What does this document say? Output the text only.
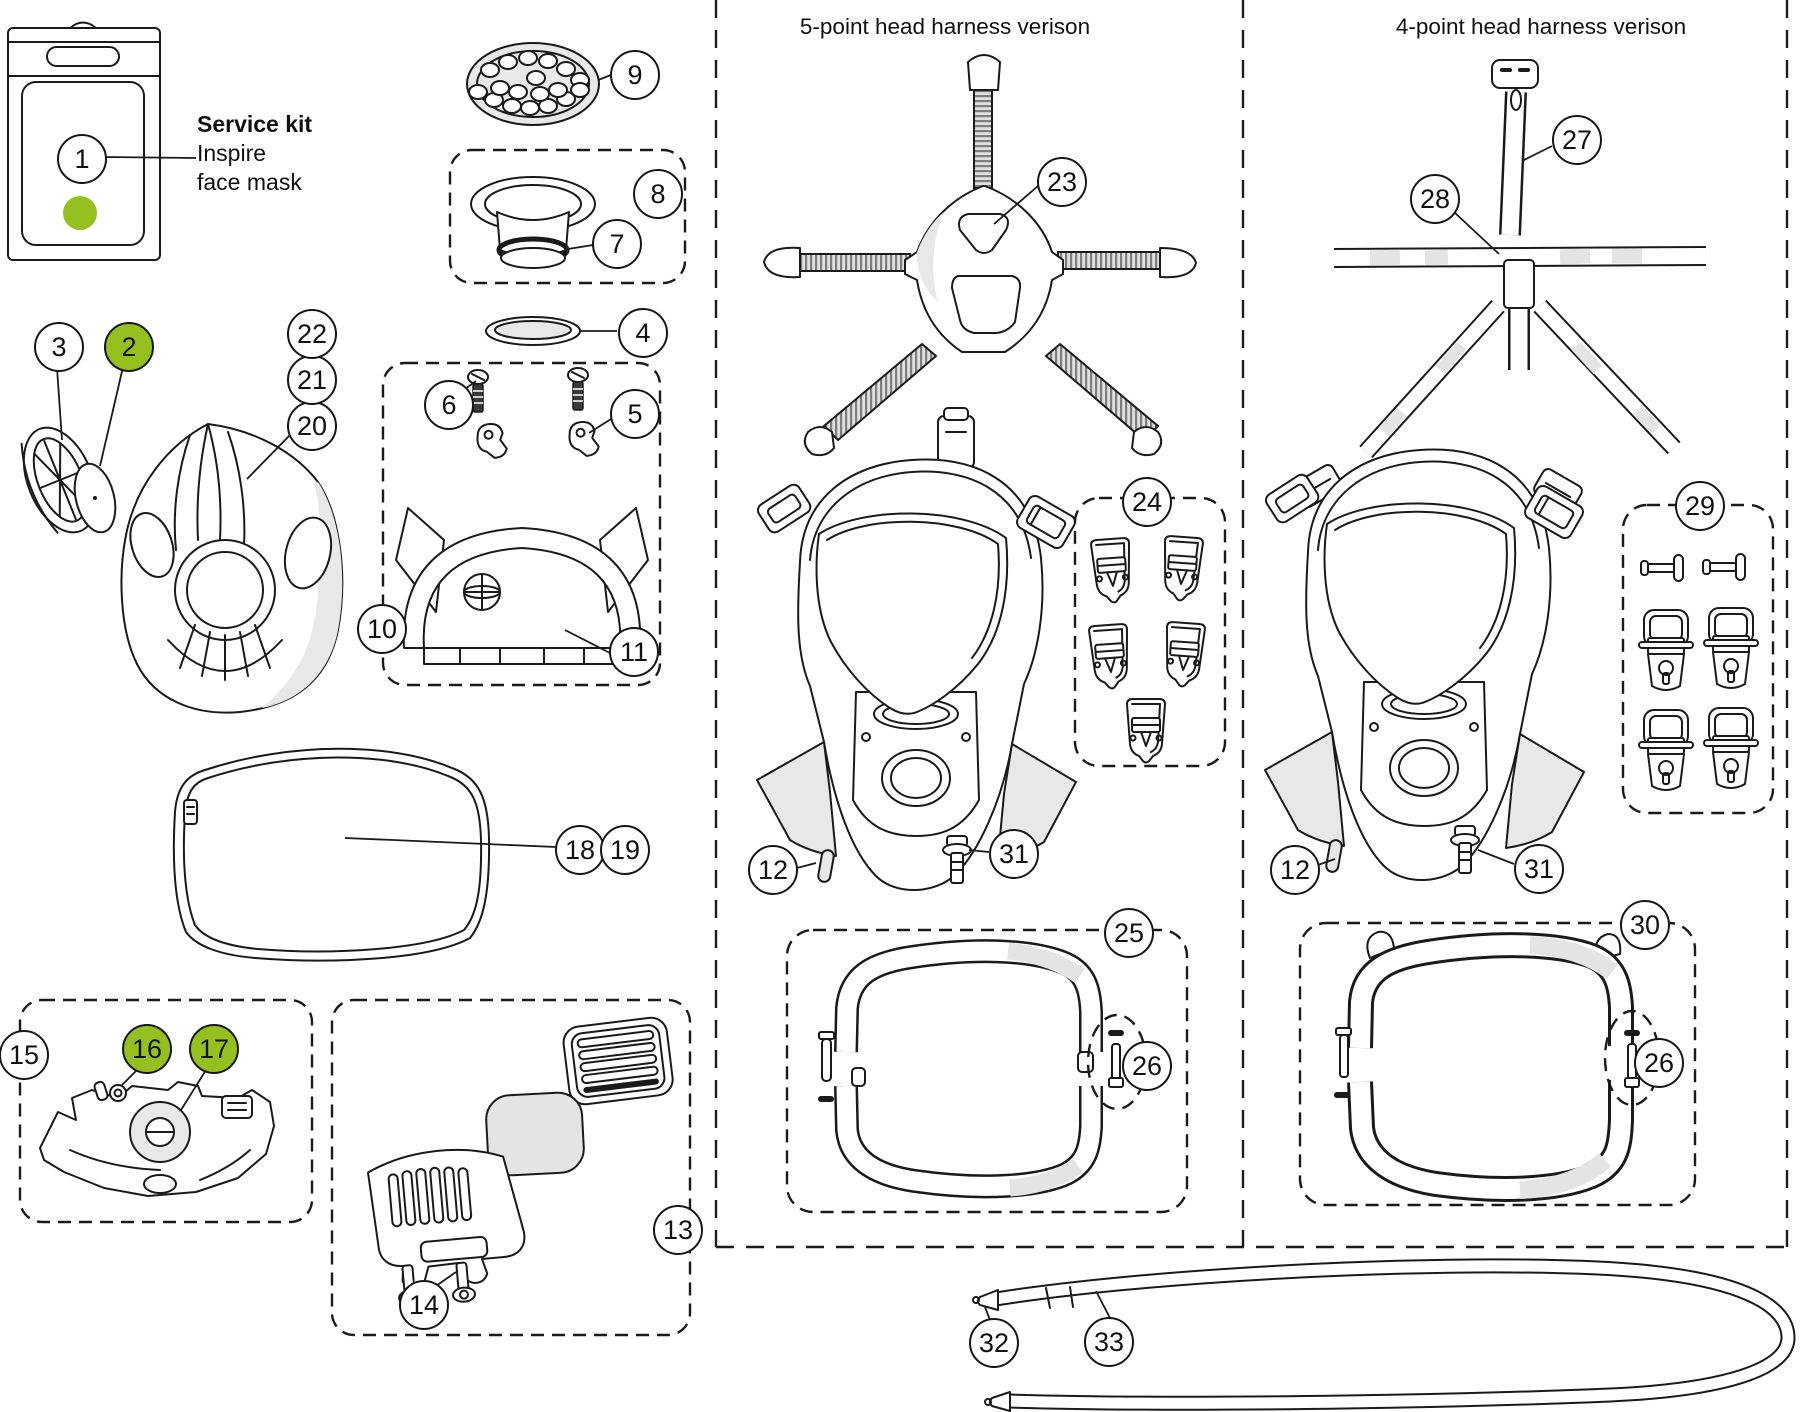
5-point head harness verison	4-point head harness verison
Service kit
Inspire
face mask
1
2
3	4
5
6
7
8
9
10
11
12	12
13
14
15	16	17
18 19
20
21
22
23
24
25
26	26
27
28
29
30
31	31
32	33
